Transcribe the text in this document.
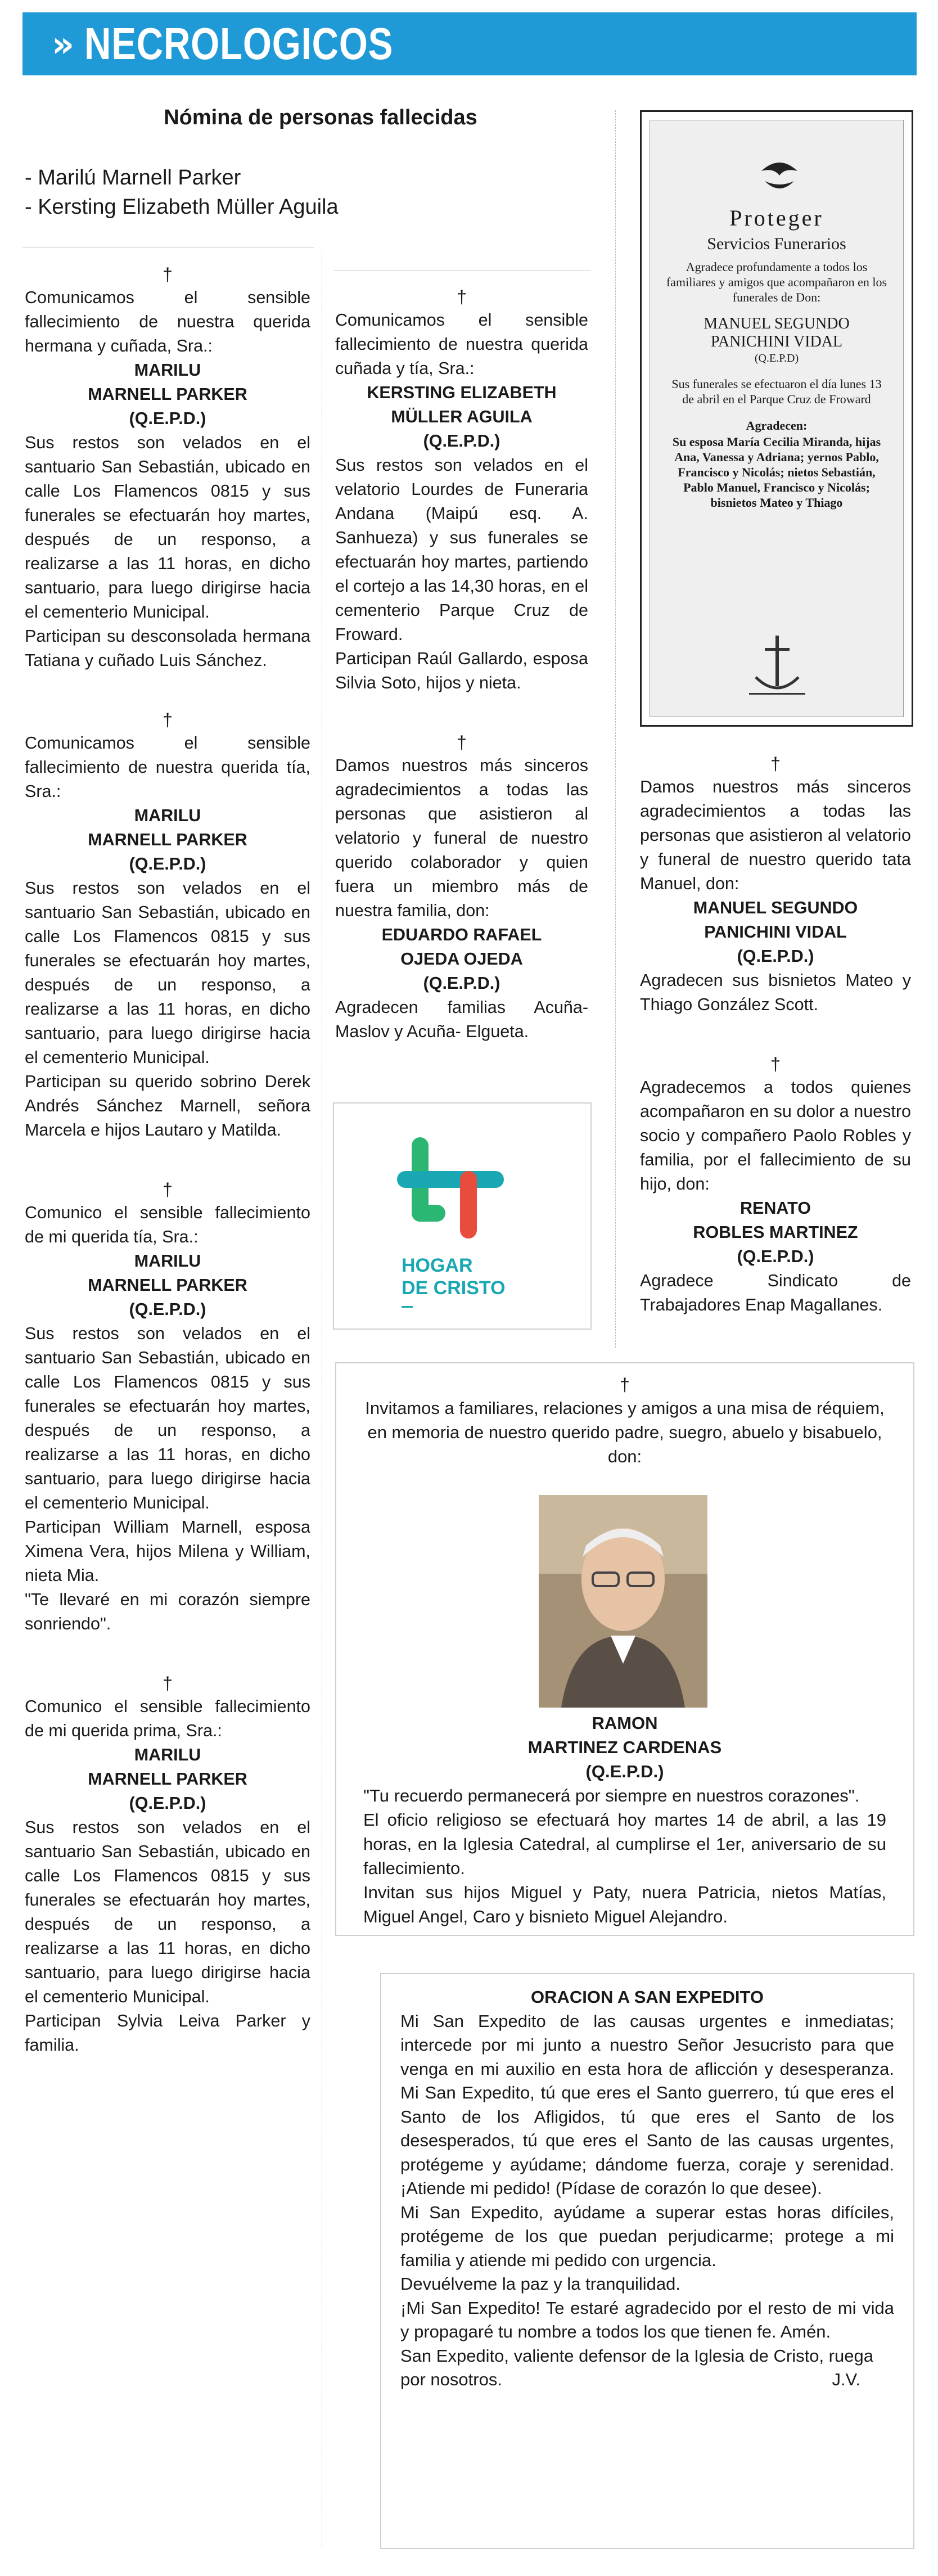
» NECROLOGICOS
Nómina de personas fallecidas
- Marilú Marnell Parker
- Kersting Elizabeth Müller Aguila
†

Comunicamos el sensible fallecimiento de nuestra querida hermana y cuñada, Sra.:

MARILU

MARNELL PARKER

(Q.E.P.D.)

Sus restos son velados en el santuario San Sebastián, ubicado en calle Los Flamencos 0815 y sus funerales se efectuarán hoy martes, después de un responso, a realizarse a las 11 horas, en dicho santuario, para luego dirigirse hacia el cementerio Municipal.

Participan su desconsolada hermana Tatiana y cuñado Luis Sánchez.

†

Comunicamos el sensible fallecimiento de nuestra querida tía, Sra.:

MARILU

MARNELL PARKER

(Q.E.P.D.)

Sus restos son velados en el santuario San Sebastián, ubicado en calle Los Flamencos 0815 y sus funerales se efectuarán hoy martes, después de un responso, a realizarse a las 11 horas, en dicho santuario, para luego dirigirse hacia el cementerio Municipal.

Participan su querido sobrino Derek Andrés Sánchez Marnell, señora Marcela e hijos Lautaro y Matilda.

†

Comunico el sensible fallecimiento de mi querida tía, Sra.:

MARILU

MARNELL PARKER

(Q.E.P.D.)

Sus restos son velados en el santuario San Sebastián, ubicado en calle Los Flamencos 0815 y sus funerales se efectuarán hoy martes, después de un responso, a realizarse a las 11 horas, en dicho santuario, para luego dirigirse hacia el cementerio Municipal.

Participan William Marnell, esposa Ximena Vera, hijos Milena y William, nieta Mia.

"Te llevaré en mi corazón siempre sonriendo".

†

Comunico el sensible fallecimiento de mi querida prima, Sra.:

MARILU

MARNELL PARKER

(Q.E.P.D.)

Sus restos son velados en el santuario San Sebastián, ubicado en calle Los Flamencos 0815 y sus funerales se efectuarán hoy martes, después de un responso, a realizarse a las 11 horas, en dicho santuario, para luego dirigirse hacia el cementerio Municipal.

Participan Sylvia Leiva Parker y familia.

†

Comunicamos el sensible fallecimiento de nuestra querida cuñada y tía, Sra.:

KERSTING ELIZABETH

MÜLLER AGUILA

(Q.E.P.D.)

Sus restos son velados en el velatorio Lourdes de Funeraria Andana (Maipú esq. A. Sanhueza) y sus funerales se efectuarán hoy martes, partiendo el cortejo a las 14,30 horas, en el cementerio Parque Cruz de Froward.

Participan Raúl Gallardo, esposa Silvia Soto, hijos y nieta.

†

Damos nuestros más sinceros agradecimientos a todas las personas que asistieron al velatorio y funeral de nuestro querido colaborador y quien fuera un miembro más de nuestra familia, don:

EDUARDO RAFAEL

OJEDA OJEDA

(Q.E.P.D.)

Agradecen familias Acuña-Maslov y Acuña- Elgueta.

HOGAR
DE CRISTO
Proteger
Servicios Funerarios
Agradece profundamente a todos los familiares y amigos que acompañaron en los funerales de Don:
MANUEL SEGUNDO
PANICHINI VIDAL
(Q.E.P.D)
Sus funerales se efectuaron el día lunes 13 de abril en el Parque Cruz de Froward
Agradecen:
Su esposa María Cecilia Miranda, hijas Ana, Vanessa y Adriana; yernos Pablo, Francisco y Nicolás; nietos Sebastián, Pablo Manuel, Francisco y Nicolás; bisnietos Mateo y Thiago
†

Damos nuestros más sinceros agradecimientos a todas las personas que asistieron al velatorio y funeral de nuestro querido tata Manuel, don:

MANUEL SEGUNDO

PANICHINI VIDAL

(Q.E.P.D.)

Agradecen sus bisnietos Mateo y Thiago González Scott.

†

Agradecemos a todos quienes acompañaron en su dolor a nuestro socio y compañero Paolo Robles y familia, por el fallecimiento de su hijo, don:

RENATO

ROBLES MARTINEZ

(Q.E.P.D.)

Agradece Sindicato de Trabajadores Enap Magallanes.

†

Invitamos a familiares, relaciones y amigos a una misa de réquiem, en memoria de nuestro querido padre, suegro, abuelo y bisabuelo, don:

RAMON

MARTINEZ CARDENAS

(Q.E.P.D.)

"Tu recuerdo permanecerá por siempre en nuestros corazones".

El oficio religioso se efectuará hoy martes 14 de abril, a las 19 horas, en la Iglesia Catedral, al cumplirse el 1er, aniversario de su fallecimiento.

Invitan sus hijos Miguel y Paty, nuera Patricia, nietos Matías, Miguel Angel, Caro y bisnieto Miguel Alejandro.

ORACION A SAN EXPEDITO

Mi San Expedito de las causas urgentes e inmediatas; intercede por mi junto a nuestro Señor Jesucristo para que venga en mi auxilio en esta hora de aflicción y desesperanza. Mi San Expedito, tú que eres el Santo guerrero, tú que eres el Santo de los Afligidos, tú que eres el Santo de los desesperados, tú que eres el Santo de las causas urgentes, protégeme y ayúdame; dándome fuerza, coraje y serenidad. ¡Atiende mi pedido! (Pídase de corazón lo que desee).

Mi San Expedito, ayúdame a superar estas horas difíciles, protégeme de los que puedan perjudicarme; protege a mi familia y atiende mi pedido con urgencia.

Devuélveme la paz y la tranquilidad.

¡Mi San Expedito! Te estaré agradecido por el resto de mi vida y propagaré tu nombre a todos los que tienen fe. Amén.

San Expedito, valiente defensor de la Iglesia de Cristo, ruega por nosotros.	J.V.
